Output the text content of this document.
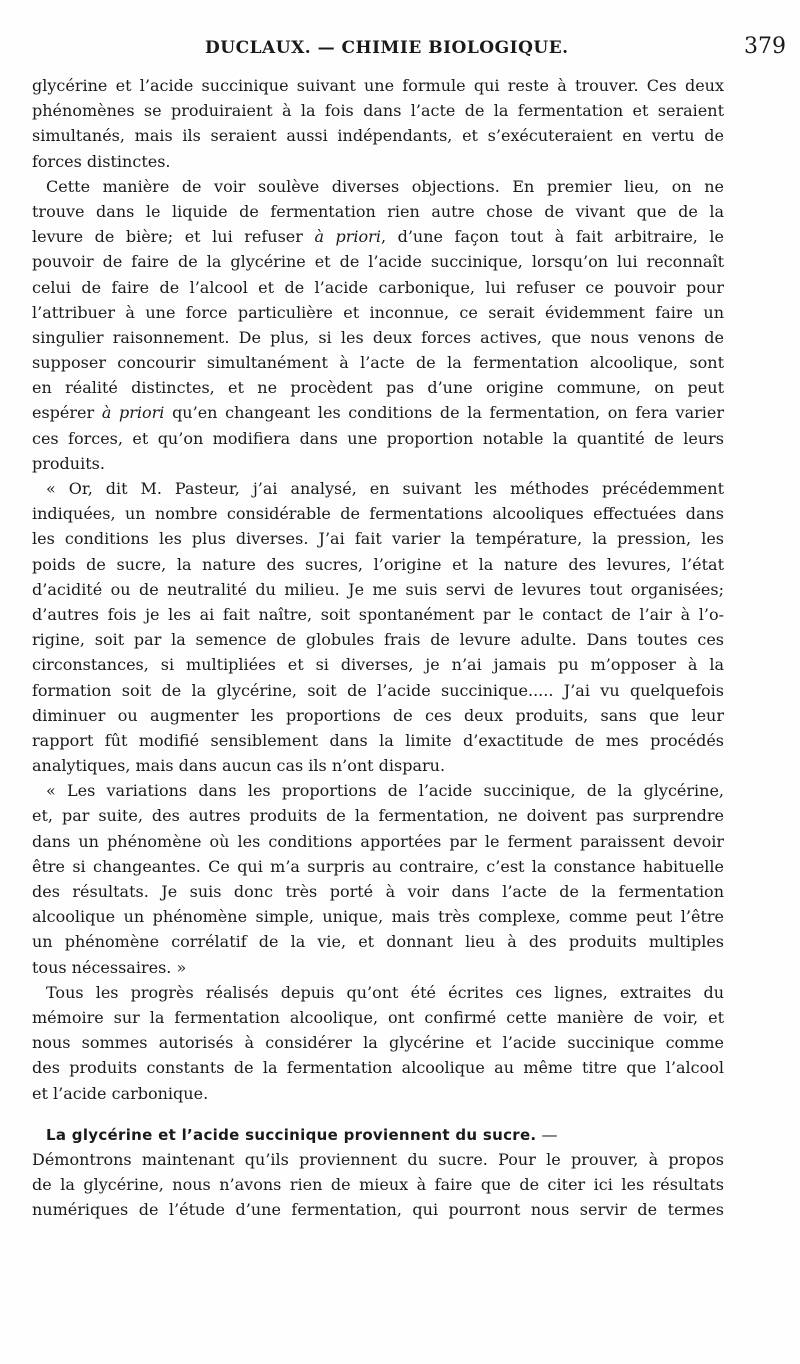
DUCLAUX. — CHIMIE BIOLOGIQUE.	379
glycérine et l’acide succinique suivant une formule qui reste à trouver. Ces deux
phénomènes se produiraient à la fois dans l’acte de la fermentation et seraient
simultanés, mais ils seraient aussi indépendants, et s’exécuteraient en vertu de
forces distinctes.
Cette manière de voir soulève diverses objections. En premier lieu, on ne
trouve dans le liquide de fermentation rien autre chose de vivant que de la
levure de bière; et lui refuser à priori, d’une façon tout à fait arbitraire, le
pouvoir de faire de la glycérine et de l’acide succinique, lorsqu’on lui reconnaît
celui de faire de l’alcool et de l’acide carbonique, lui refuser ce pouvoir pour
l’attribuer à une force particulière et inconnue, ce serait évidemment faire un
singulier raisonnement. De plus, si les deux forces actives, que nous venons de
supposer concourir simultanément à l’acte de la fermentation alcoolique, sont
en réalité distinctes, et ne procèdent pas d’une origine commune, on peut
espérer à priori qu’en changeant les conditions de la fermentation, on fera varier
ces forces, et qu’on modifiera dans une proportion notable la quantité de leurs
produits.
« Or, dit M. Pasteur, j’ai analysé, en suivant les méthodes précédemment
indiquées, un nombre considérable de fermentations alcooliques effectuées dans
les conditions les plus diverses. J’ai fait varier la température, la pression, les
poids de sucre, la nature des sucres, l’origine et la nature des levures, l’état
d’acidité ou de neutralité du milieu. Je me suis servi de levures tout organisées;
d’autres fois je les ai fait naître, soit spontanément par le contact de l’air à l’o-
rigine, soit par la semence de globules frais de levure adulte. Dans toutes ces
circonstances, si multipliées et si diverses, je n’ai jamais pu m’opposer à la
formation soit de la glycérine, soit de l’acide succinique..... J’ai vu quelquefois
diminuer ou augmenter les proportions de ces deux produits, sans que leur
rapport fût modifié sensiblement dans la limite d’exactitude de mes procédés
analytiques, mais dans aucun cas ils n’ont disparu.
« Les variations dans les proportions de l’acide succinique, de la glycérine,
et, par suite, des autres produits de la fermentation, ne doivent pas surprendre
dans un phénomène où les conditions apportées par le ferment paraissent devoir
être si changeantes. Ce qui m’a surpris au contraire, c’est la constance habituelle
des résultats. Je suis donc très porté à voir dans l’acte de la fermentation
alcoolique un phénomène simple, unique, mais très complexe, comme peut l’être
un phénomène corrélatif de la vie, et donnant lieu à des produits multiples
tous nécessaires. »
Tous les progrès réalisés depuis qu’ont été écrites ces lignes, extraites du
mémoire sur la fermentation alcoolique, ont confirmé cette manière de voir, et
nous sommes autorisés à considérer la glycérine et l’acide succinique comme
des produits constants de la fermentation alcoolique au même titre que l’alcool
et l’acide carbonique.
La glycérine et l’acide succinique proviennent du sucre. —
Démontrons maintenant qu’ils proviennent du sucre. Pour le prouver, à propos
de la glycérine, nous n’avons rien de mieux à faire que de citer ici les résultats
numériques de l’étude d’une fermentation, qui pourront nous servir de termes
